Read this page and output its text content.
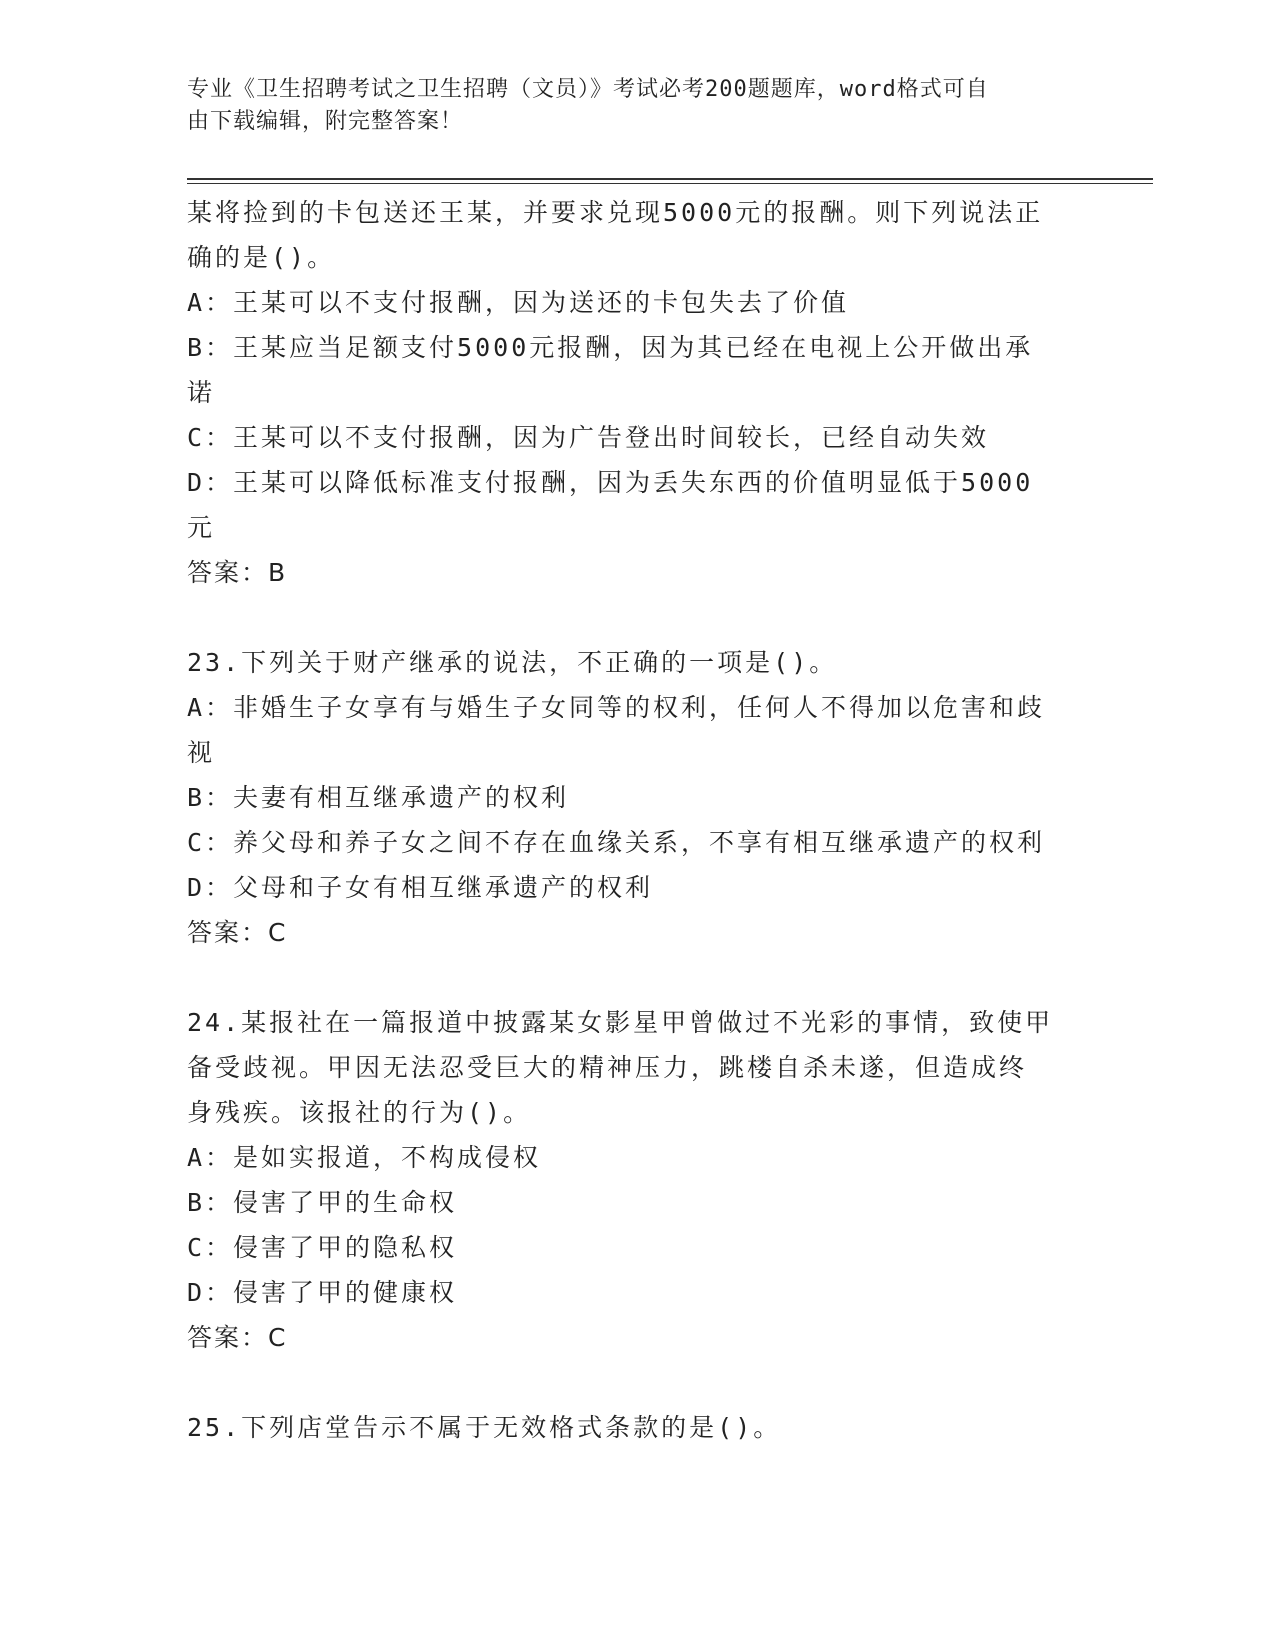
专业《卫生招聘考试之卫生招聘（文员）》考试必考200题题库，word格式可自
由下载编辑，附完整答案！
某将捡到的卡包送还王某，并要求兑现5000元的报酬。则下列说法正
确的是()。
A：王某可以不支付报酬，因为送还的卡包失去了价值
B：王某应当足额支付5000元报酬，因为其已经在电视上公开做出承
诺
C：王某可以不支付报酬，因为广告登出时间较长，已经自动失效
D：王某可以降低标准支付报酬，因为丢失东西的价值明显低于5000
元
答案：B
23.下列关于财产继承的说法，不正确的一项是()。
A：非婚生子女享有与婚生子女同等的权利，任何人不得加以危害和歧
视
B：夫妻有相互继承遗产的权利
C：养父母和养子女之间不存在血缘关系，不享有相互继承遗产的权利
D：父母和子女有相互继承遗产的权利
答案：C
24.某报社在一篇报道中披露某女影星甲曾做过不光彩的事情，致使甲
备受歧视。甲因无法忍受巨大的精神压力，跳楼自杀未遂，但造成终
身残疾。该报社的行为()。
A：是如实报道，不构成侵权
B：侵害了甲的生命权
C：侵害了甲的隐私权
D：侵害了甲的健康权
答案：C
25.下列店堂告示不属于无效格式条款的是()。
